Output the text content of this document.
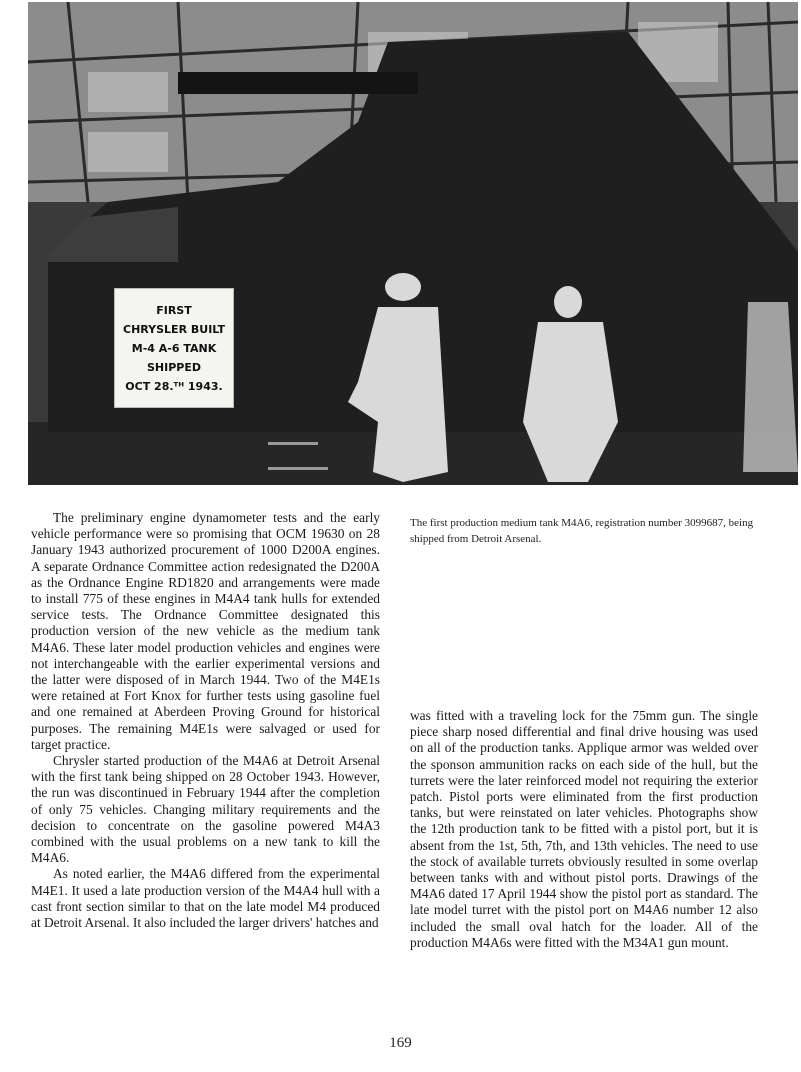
FIRST
CHRYSLER BUILT
M-4 A-6 TANK
SHIPPED
OCT 28.ᵀᴴ 1943.

The preliminary engine dynamometer tests and the early vehicle performance were so promising that OCM 19630 on 28 January 1943 authorized procurement of 1000 D200A engines. A separate Ordnance Committee action redesignated the D200A as the Ordnance Engine RD1820 and arrangements were made to install 775 of these engines in M4A4 tank hulls for extended service tests. The Ordnance Committee designated this production version of the new vehicle as the medium tank M4A6. These later model production vehicles and engines were not interchangeable with the earlier experimental versions and the latter were disposed of in March 1944. Two of the M4E1s were retained at Fort Knox for further tests using gasoline fuel and one remained at Aberdeen Proving Ground for historical purposes. The remaining M4E1s were salvaged or used for target practice.

Chrysler started production of the M4A6 at Detroit Arsenal with the first tank being shipped on 28 October 1943. However, the run was discontinued in February 1944 after the completion of only 75 vehicles. Changing military requirements and the decision to concentrate on the gasoline powered M4A3 combined with the usual problems on a new tank to kill the M4A6.

As noted earlier, the M4A6 differed from the experimental M4E1. It used a late production version of the M4A4 hull with a cast front section similar to that on the late model M4 produced at Detroit Arsenal. It also included the larger drivers' hatches and

The first production medium tank M4A6, registration number 3099687, being shipped from Detroit Arsenal.

was fitted with a traveling lock for the 75mm gun. The single piece sharp nosed differential and final drive housing was used on all of the production tanks. Applique armor was welded over the sponson ammunition racks on each side of the hull, but the turrets were the later reinforced model not requiring the exterior patch. Pistol ports were eliminated from the first production tanks, but were reinstated on later vehicles. Photographs show the 12th production tank to be fitted with a pistol port, but it is absent from the 1st, 5th, 7th, and 13th vehicles. The need to use the stock of available turrets obviously resulted in some overlap between tanks with and without pistol ports. Drawings of the M4A6 dated 17 April 1944 show the pistol port as standard. The late model turret with the pistol port on M4A6 number 12 also included the small oval hatch for the loader. All of the production M4A6s were fitted with the M34A1 gun mount.

169
